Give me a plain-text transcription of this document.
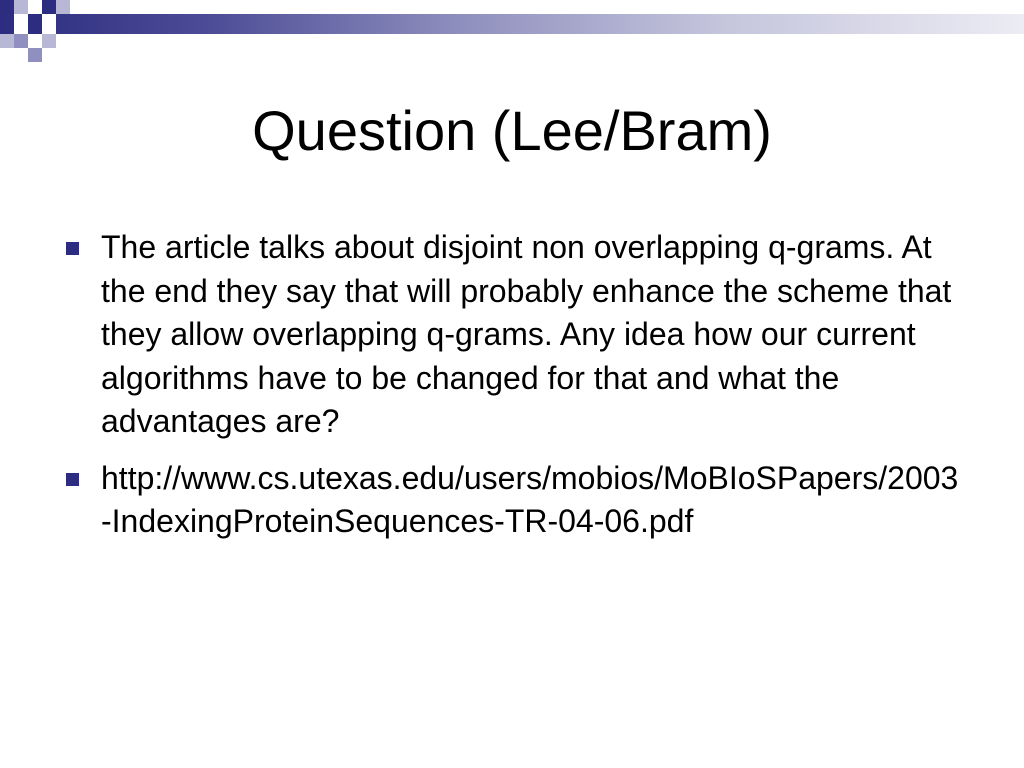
Question (Lee/Bram)
The article talks about disjoint non overlapping q-grams. At the end they say that will probably enhance the scheme that they allow overlapping q-grams. Any idea how our current algorithms have to be changed for that and what the advantages are?
http://www.cs.utexas.edu/users/mobios/MoBIoSPapers/2003-IndexingProteinSequences-TR-04-06.pdf
